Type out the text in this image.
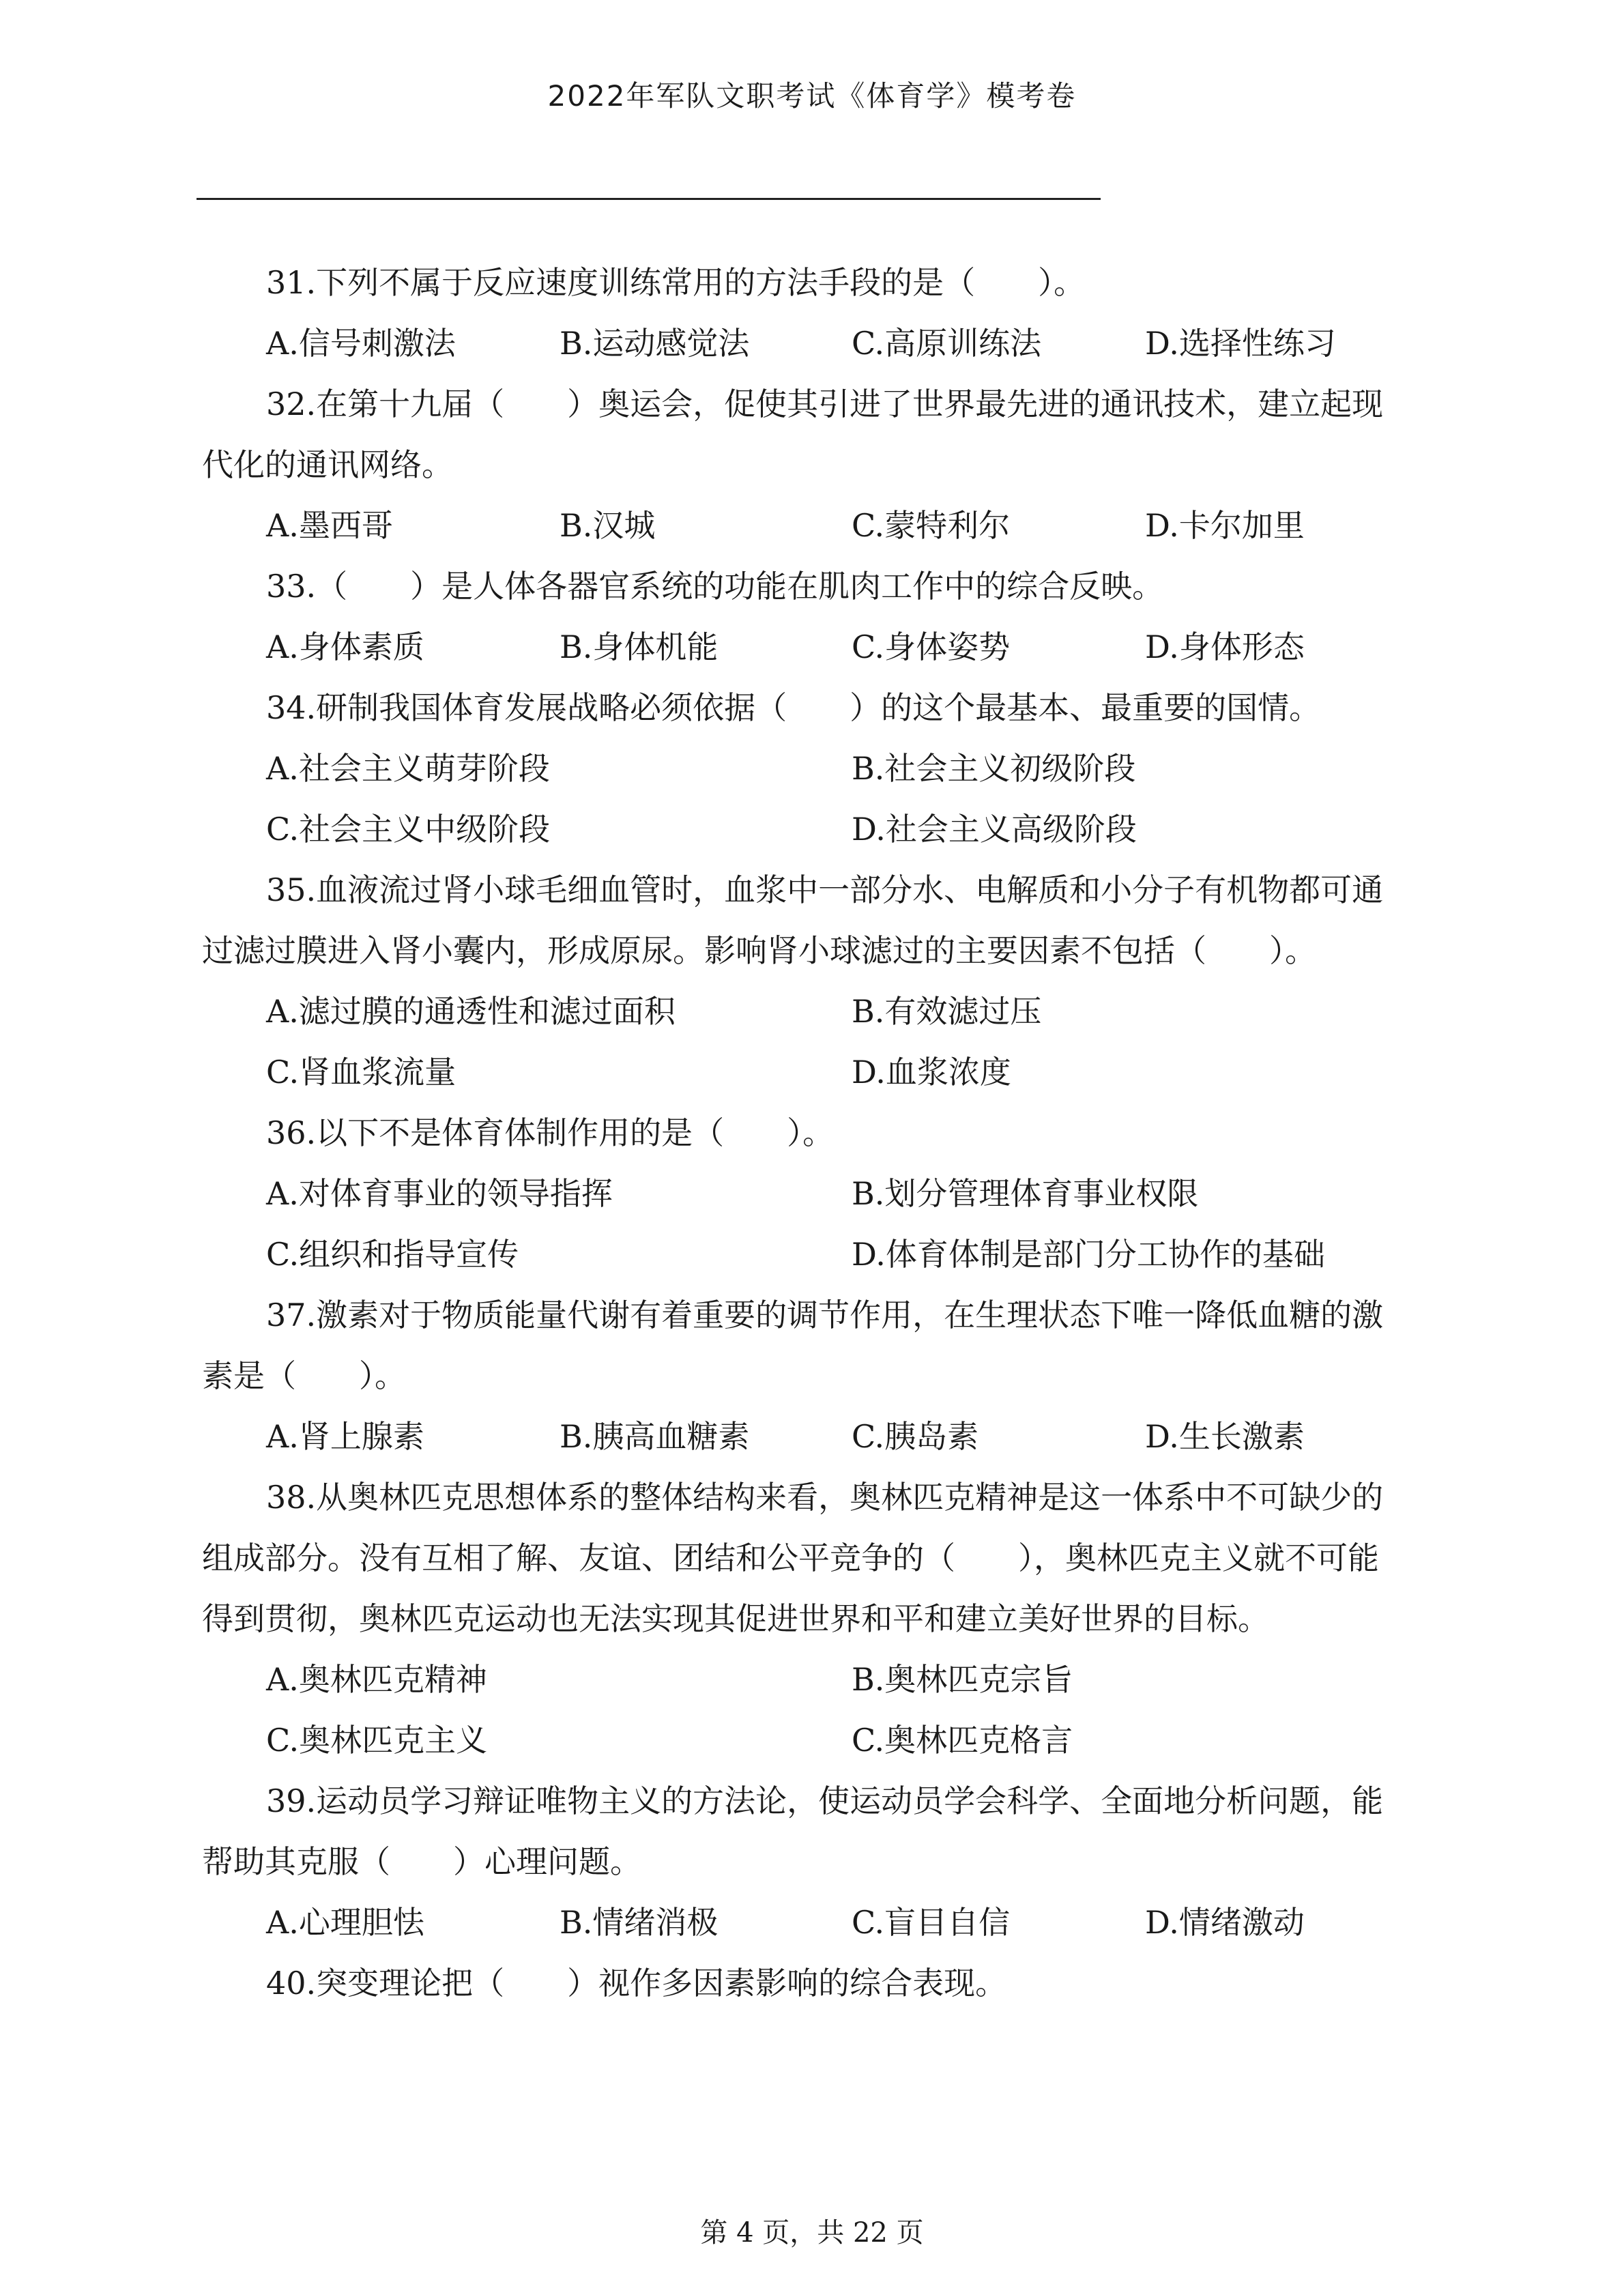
2022年军队文职考试《体育学》模考卷
31.下列不属于反应速度训练常用的方法手段的是（　　）。
A.信号刺激法	B.运动感觉法	C.高原训练法	D.选择性练习
32.在第十九届（　　）奥运会，促使其引进了世界最先进的通讯技术，建立起现
代化的通讯网络。
A.墨西哥	B.汉城	C.蒙特利尔	D.卡尔加里
33.（　　）是人体各器官系统的功能在肌肉工作中的综合反映。
A.身体素质	B.身体机能	C.身体姿势	D.身体形态
34.研制我国体育发展战略必须依据（　　）的这个最基本、最重要的国情。
A.社会主义萌芽阶段	B.社会主义初级阶段
C.社会主义中级阶段	D.社会主义高级阶段
35.血液流过肾小球毛细血管时，血浆中一部分水、电解质和小分子有机物都可通
过滤过膜进入肾小囊内，形成原尿。影响肾小球滤过的主要因素不包括（　　）。
A.滤过膜的通透性和滤过面积	B.有效滤过压
C.肾血浆流量	D.血浆浓度
36.以下不是体育体制作用的是（　　）。
A.对体育事业的领导指挥	B.划分管理体育事业权限
C.组织和指导宣传	D.体育体制是部门分工协作的基础
37.激素对于物质能量代谢有着重要的调节作用，在生理状态下唯一降低血糖的激
素是（　　）。
A.肾上腺素	B.胰高血糖素	C.胰岛素	D.生长激素
38.从奥林匹克思想体系的整体结构来看，奥林匹克精神是这一体系中不可缺少的
组成部分。没有互相了解、友谊、团结和公平竞争的（　　），奥林匹克主义就不可能
得到贯彻，奥林匹克运动也无法实现其促进世界和平和建立美好世界的目标。
A.奥林匹克精神	B.奥林匹克宗旨
C.奥林匹克主义	C.奥林匹克格言
39.运动员学习辩证唯物主义的方法论，使运动员学会科学、全面地分析问题，能
帮助其克服（　　）心理问题。
A.心理胆怯	B.情绪消极	C.盲目自信	D.情绪激动
40.突变理论把（　　）视作多因素影响的综合表现。
第 4 页，共 22 页
